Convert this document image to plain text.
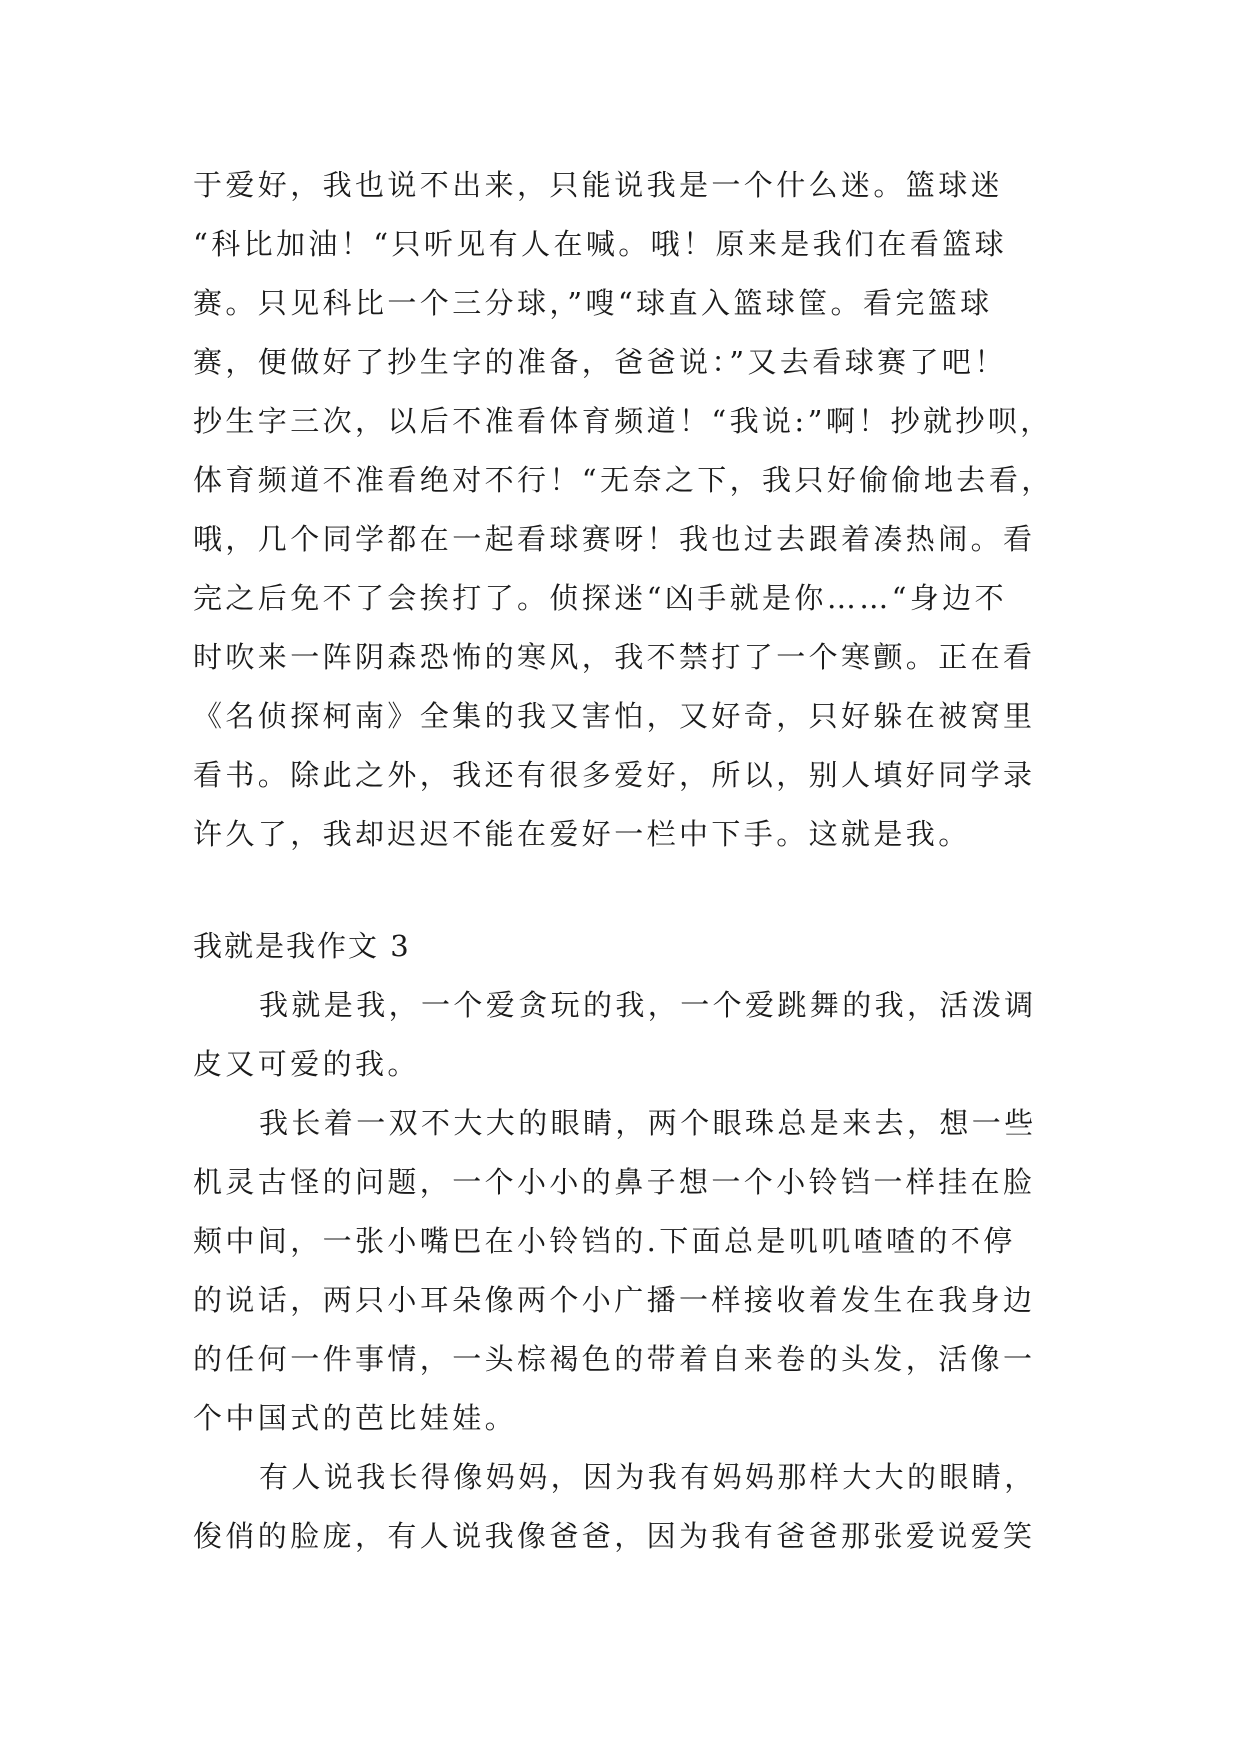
于爱好，我也说不出来，只能说我是一个什么迷。篮球迷
“科比加油！“只听见有人在喊。哦！原来是我们在看篮球
赛。只见科比一个三分球，”嗖“球直入篮球筐。看完篮球
赛，便做好了抄生字的准备，爸爸说：”又去看球赛了吧！
抄生字三次，以后不准看体育频道！“我说:”啊！抄就抄呗，
体育频道不准看绝对不行！“无奈之下，我只好偷偷地去看，
哦，几个同学都在一起看球赛呀！我也过去跟着凑热闹。看
完之后免不了会挨打了。侦探迷“凶手就是你……“身边不
时吹来一阵阴森恐怖的寒风，我不禁打了一个寒颤。正在看
《名侦探柯南》全集的我又害怕，又好奇，只好躲在被窝里
看书。除此之外，我还有很多爱好，所以，别人填好同学录
许久了，我却迟迟不能在爱好一栏中下手。这就是我。
我就是我作文 3
我就是我，一个爱贪玩的我，一个爱跳舞的我，活泼调
皮又可爱的我。
我长着一双不大大的眼睛，两个眼珠总是来去，想一些
机灵古怪的问题，一个小小的鼻子想一个小铃铛一样挂在脸
颊中间，一张小嘴巴在小铃铛的.下面总是叽叽喳喳的不停
的说话，两只小耳朵像两个小广播一样接收着发生在我身边
的任何一件事情，一头棕褐色的带着自来卷的头发，活像一
个中国式的芭比娃娃。
有人说我长得像妈妈，因为我有妈妈那样大大的眼睛，
俊俏的脸庞，有人说我像爸爸，因为我有爸爸那张爱说爱笑
